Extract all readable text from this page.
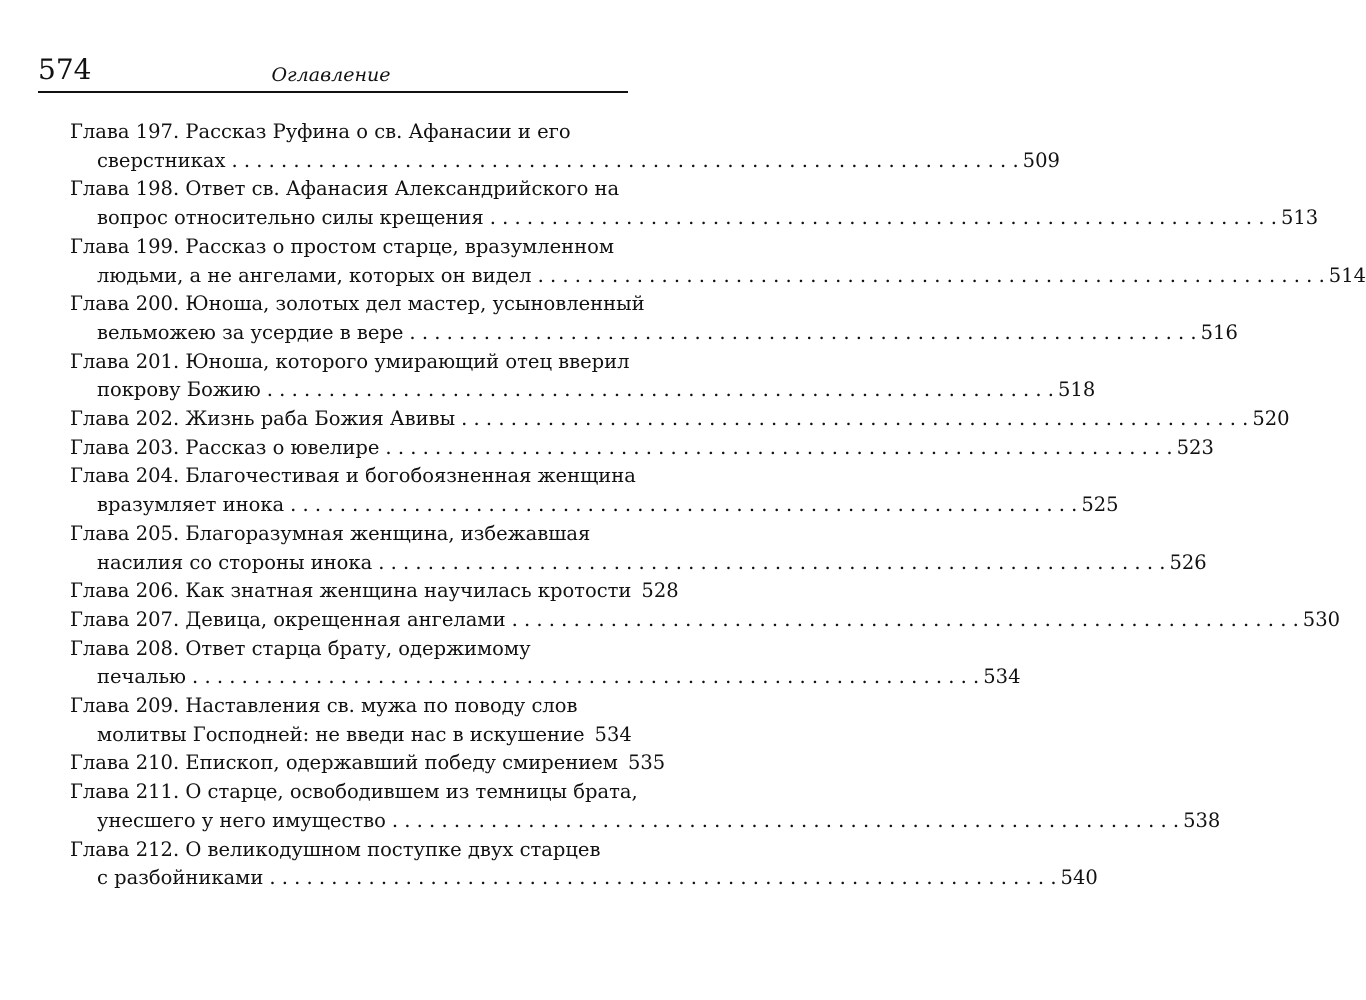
574	Оглавление
Глава 197. Рассказ Руфина о св. Афанасии и его
сверстниках . . .	509
Глава 198. Ответ св. Афанасия Александрийского на
вопрос относительно силы крещения . . .	513
Глава 199. Рассказ о простом старце, вразумленном
людьми, а не ангелами, которых он видел . . .	514
Глава 200. Юноша, золотых дел мастер, усыновленный
вельможею за усердие в вере . . .	516
Глава 201. Юноша, которого умирающий отец вверил
покрову Божию . . .	518
Глава 202. Жизнь раба Божия Авивы . . .	520
Глава 203. Рассказ о ювелире . . .	523
Глава 204. Благочестивая и богобоязненная женщина
вразумляет инока . . .	525
Глава 205. Благоразумная женщина, избежавшая
насилия со стороны инока . . .	526
Глава 206. Как знатная женщина научилась кротости 528
Глава 207. Девица, окрещенная ангелами . . .	530
Глава 208. Ответ старца брату, одержимому
печалью . . .	534
Глава 209. Наставления св. мужа по поводу слов
молитвы Господней: не введи нас в искушение 534
Глава 210. Епископ, одержавший победу смирением 535
Глава 211. О старце, освободившем из темницы брата,
унесшего у него имущество . . .	538
Глава 212. О великодушном поступке двух старцев
с разбойниками . . .	540
